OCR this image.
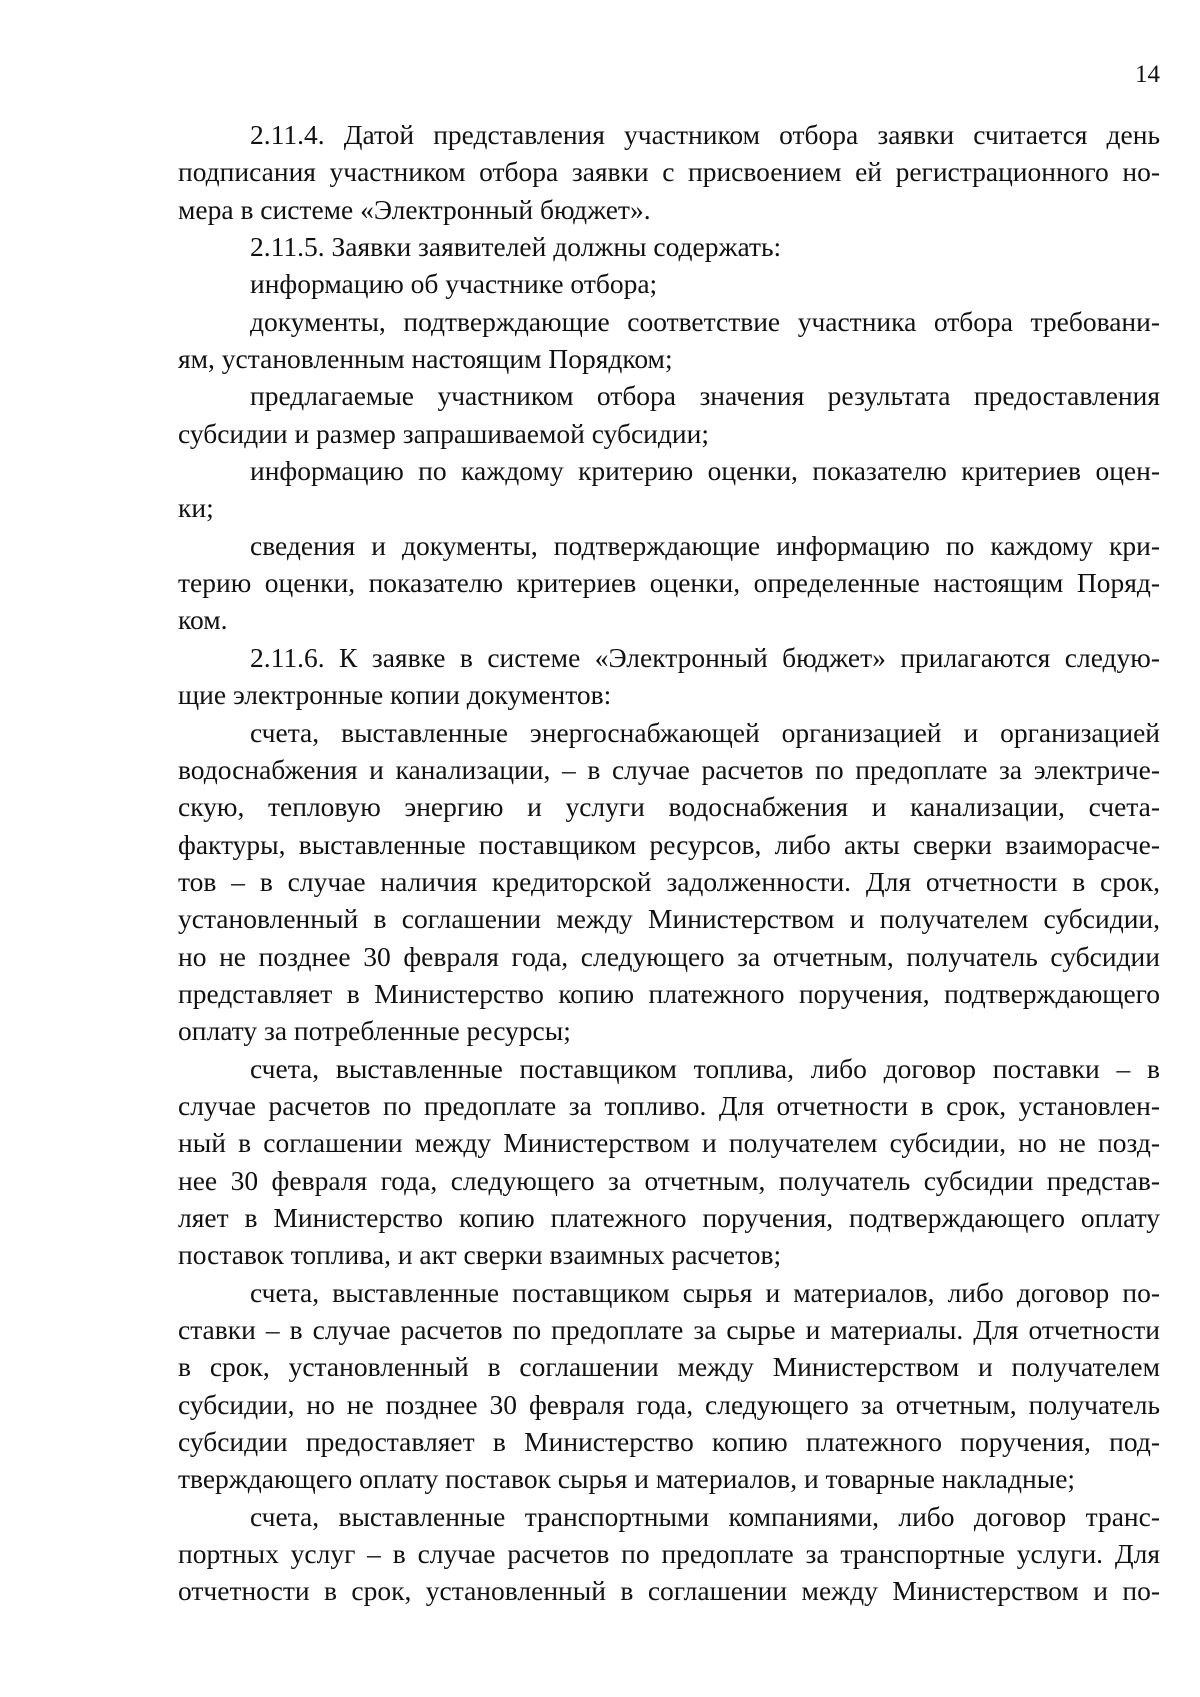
14
2.11.4. Датой представления участником отбора заявки считается день
подписания участником отбора заявки с присвоением ей регистрационного но-
мера в системе «Электронный бюджет».
2.11.5. Заявки заявителей должны содержать:
информацию об участнике отбора;
документы, подтверждающие соответствие участника отбора требовани-
ям, установленным настоящим Порядком;
предлагаемые участником отбора значения результата предоставления
субсидии и размер запрашиваемой субсидии;
информацию по каждому критерию оценки, показателю критериев оцен-
ки;
сведения и документы, подтверждающие информацию по каждому кри-
терию оценки, показателю критериев оценки, определенные настоящим Поряд-
ком.
2.11.6. К заявке в системе «Электронный бюджет» прилагаются следую-
щие электронные копии документов:
счета, выставленные энергоснабжающей организацией и организацией
водоснабжения и канализации, – в случае расчетов по предоплате за электриче-
скую, тепловую энергию и услуги водоснабжения и канализации, счета-
фактуры, выставленные поставщиком ресурсов, либо акты сверки взаиморасче-
тов – в случае наличия кредиторской задолженности. Для отчетности в срок,
установленный в соглашении между Министерством и получателем субсидии,
но не позднее 30 февраля года, следующего за отчетным, получатель субсидии
представляет в Министерство копию платежного поручения, подтверждающего
оплату за потребленные ресурсы;
счета, выставленные поставщиком топлива, либо договор поставки – в
случае расчетов по предоплате за топливо. Для отчетности в срок, установлен-
ный в соглашении между Министерством и получателем субсидии, но не позд-
нее 30 февраля года, следующего за отчетным, получатель субсидии представ-
ляет в Министерство копию платежного поручения, подтверждающего оплату
поставок топлива, и акт сверки взаимных расчетов;
счета, выставленные поставщиком сырья и материалов, либо договор по-
ставки – в случае расчетов по предоплате за сырье и материалы. Для отчетности
в срок, установленный в соглашении между Министерством и получателем
субсидии, но не позднее 30 февраля года, следующего за отчетным, получатель
субсидии предоставляет в Министерство копию платежного поручения, под-
тверждающего оплату поставок сырья и материалов, и товарные накладные;
счета, выставленные транспортными компаниями, либо договор транс-
портных услуг – в случае расчетов по предоплате за транспортные услуги. Для
отчетности в срок, установленный в соглашении между Министерством и по-
